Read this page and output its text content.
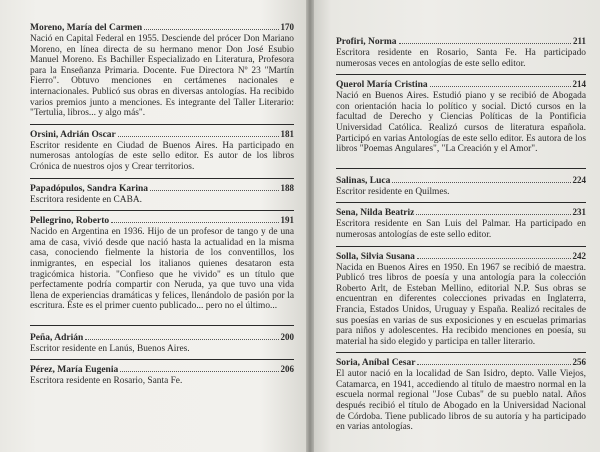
Moreno, María del Carmen	170
Nació en Capital Federal en 1955. Desciende del prócer Don Mariano Moreno, en línea directa de su hermano menor Don José Esubio Manuel Moreno. Es Bachiller Especializado en Literatura, Profesora para la Enseñanza Primaria. Docente. Fue Directora Nº 23 "Martín Fierro". Obtuvo menciones en certámenes nacionales e internacionales. Publicó sus obras en diversas antologías. Ha recibido varios premios junto a menciones. Es integrante del Taller Literario: "Tertulia, libros... y algo más".
Orsini, Adrián Oscar	181
Escritor residente en Ciudad de Buenos Aires. Ha participado en numerosas antologías de este sello editor. Es autor de los libros Crónica de nuestros ojos y Crear territorios.
Papadópulos, Sandra Karina	188
Escritora residente en CABA.
Pellegrino, Roberto	191
Nacido en Argentina en 1936. Hijo de un profesor de tango y de una ama de casa, vivió desde que nació hasta la actualidad en la misma casa, conociendo fielmente la historia de los conventillos, los inmigrantes, en especial los italianos quienes desataron esta tragicómica historia. "Confieso que he vivido" es un título que perfectamente podría compartir con Neruda, ya que tuvo una vida llena de experiencias dramáticas y felices, llenándolo de pasión por la escritura. Éste es el primer cuento publicado... pero no el último...
Peña, Adrián	200
Escritor residente en Lanús, Buenos Aires.
Pérez, María Eugenia	206
Escritora residente en Rosario, Santa Fe.
Profiri, Norma	211
Escritora residente en Rosario, Santa Fe. Ha participado numerosas veces en antologías de este sello editor.
Querol María Cristina	214
Nació en Buenos Aires. Estudió piano y se recibió de Abogada con orientación hacia lo político y social. Dictó cursos en la facultad de Derecho y Ciencias Políticas de la Pontificia Universidad Católica. Realizó cursos de literatura española. Participó en varias Antologías de este sello editor. Es autora de los libros "Poemas Angulares", "La Creación y el Amor".
Salinas, Luca	224
Escritor residente en Quilmes.
Sena, Nilda Beatriz	231
Escritora residente en San Luis del Palmar. Ha participado en numerosas antologías de este sello editor.
Solla, Silvia Susana	242
Nacida en Buenos Aires en 1950. En 1967 se recibió de maestra. Publicó tres libros de poesía y una antología para la colección Roberto Arlt, de Esteban Mellino, editorial N.P. Sus obras se encuentran en diferentes colecciones privadas en Inglaterra, Francia, Estados Unidos, Uruguay y España. Realizó recitales de sus poesías en varias de sus exposiciones y en escuelas primarias para niños y adolescentes. Ha recibido menciones en poesía, su material ha sido elegido y participa en taller literario.
Soria, Aníbal Cesar	256
El autor nació en la localidad de San Isidro, depto. Valle Viejos, Catamarca, en 1941, accediendo al título de maestro normal en la escuela normal regional "Jose Cubas" de su pueblo natal. Años después recibió el título de Abogado en la Universidad Nacional de Córdoba. Tiene publicado libros de su autoría y ha participado en varias antologías.
